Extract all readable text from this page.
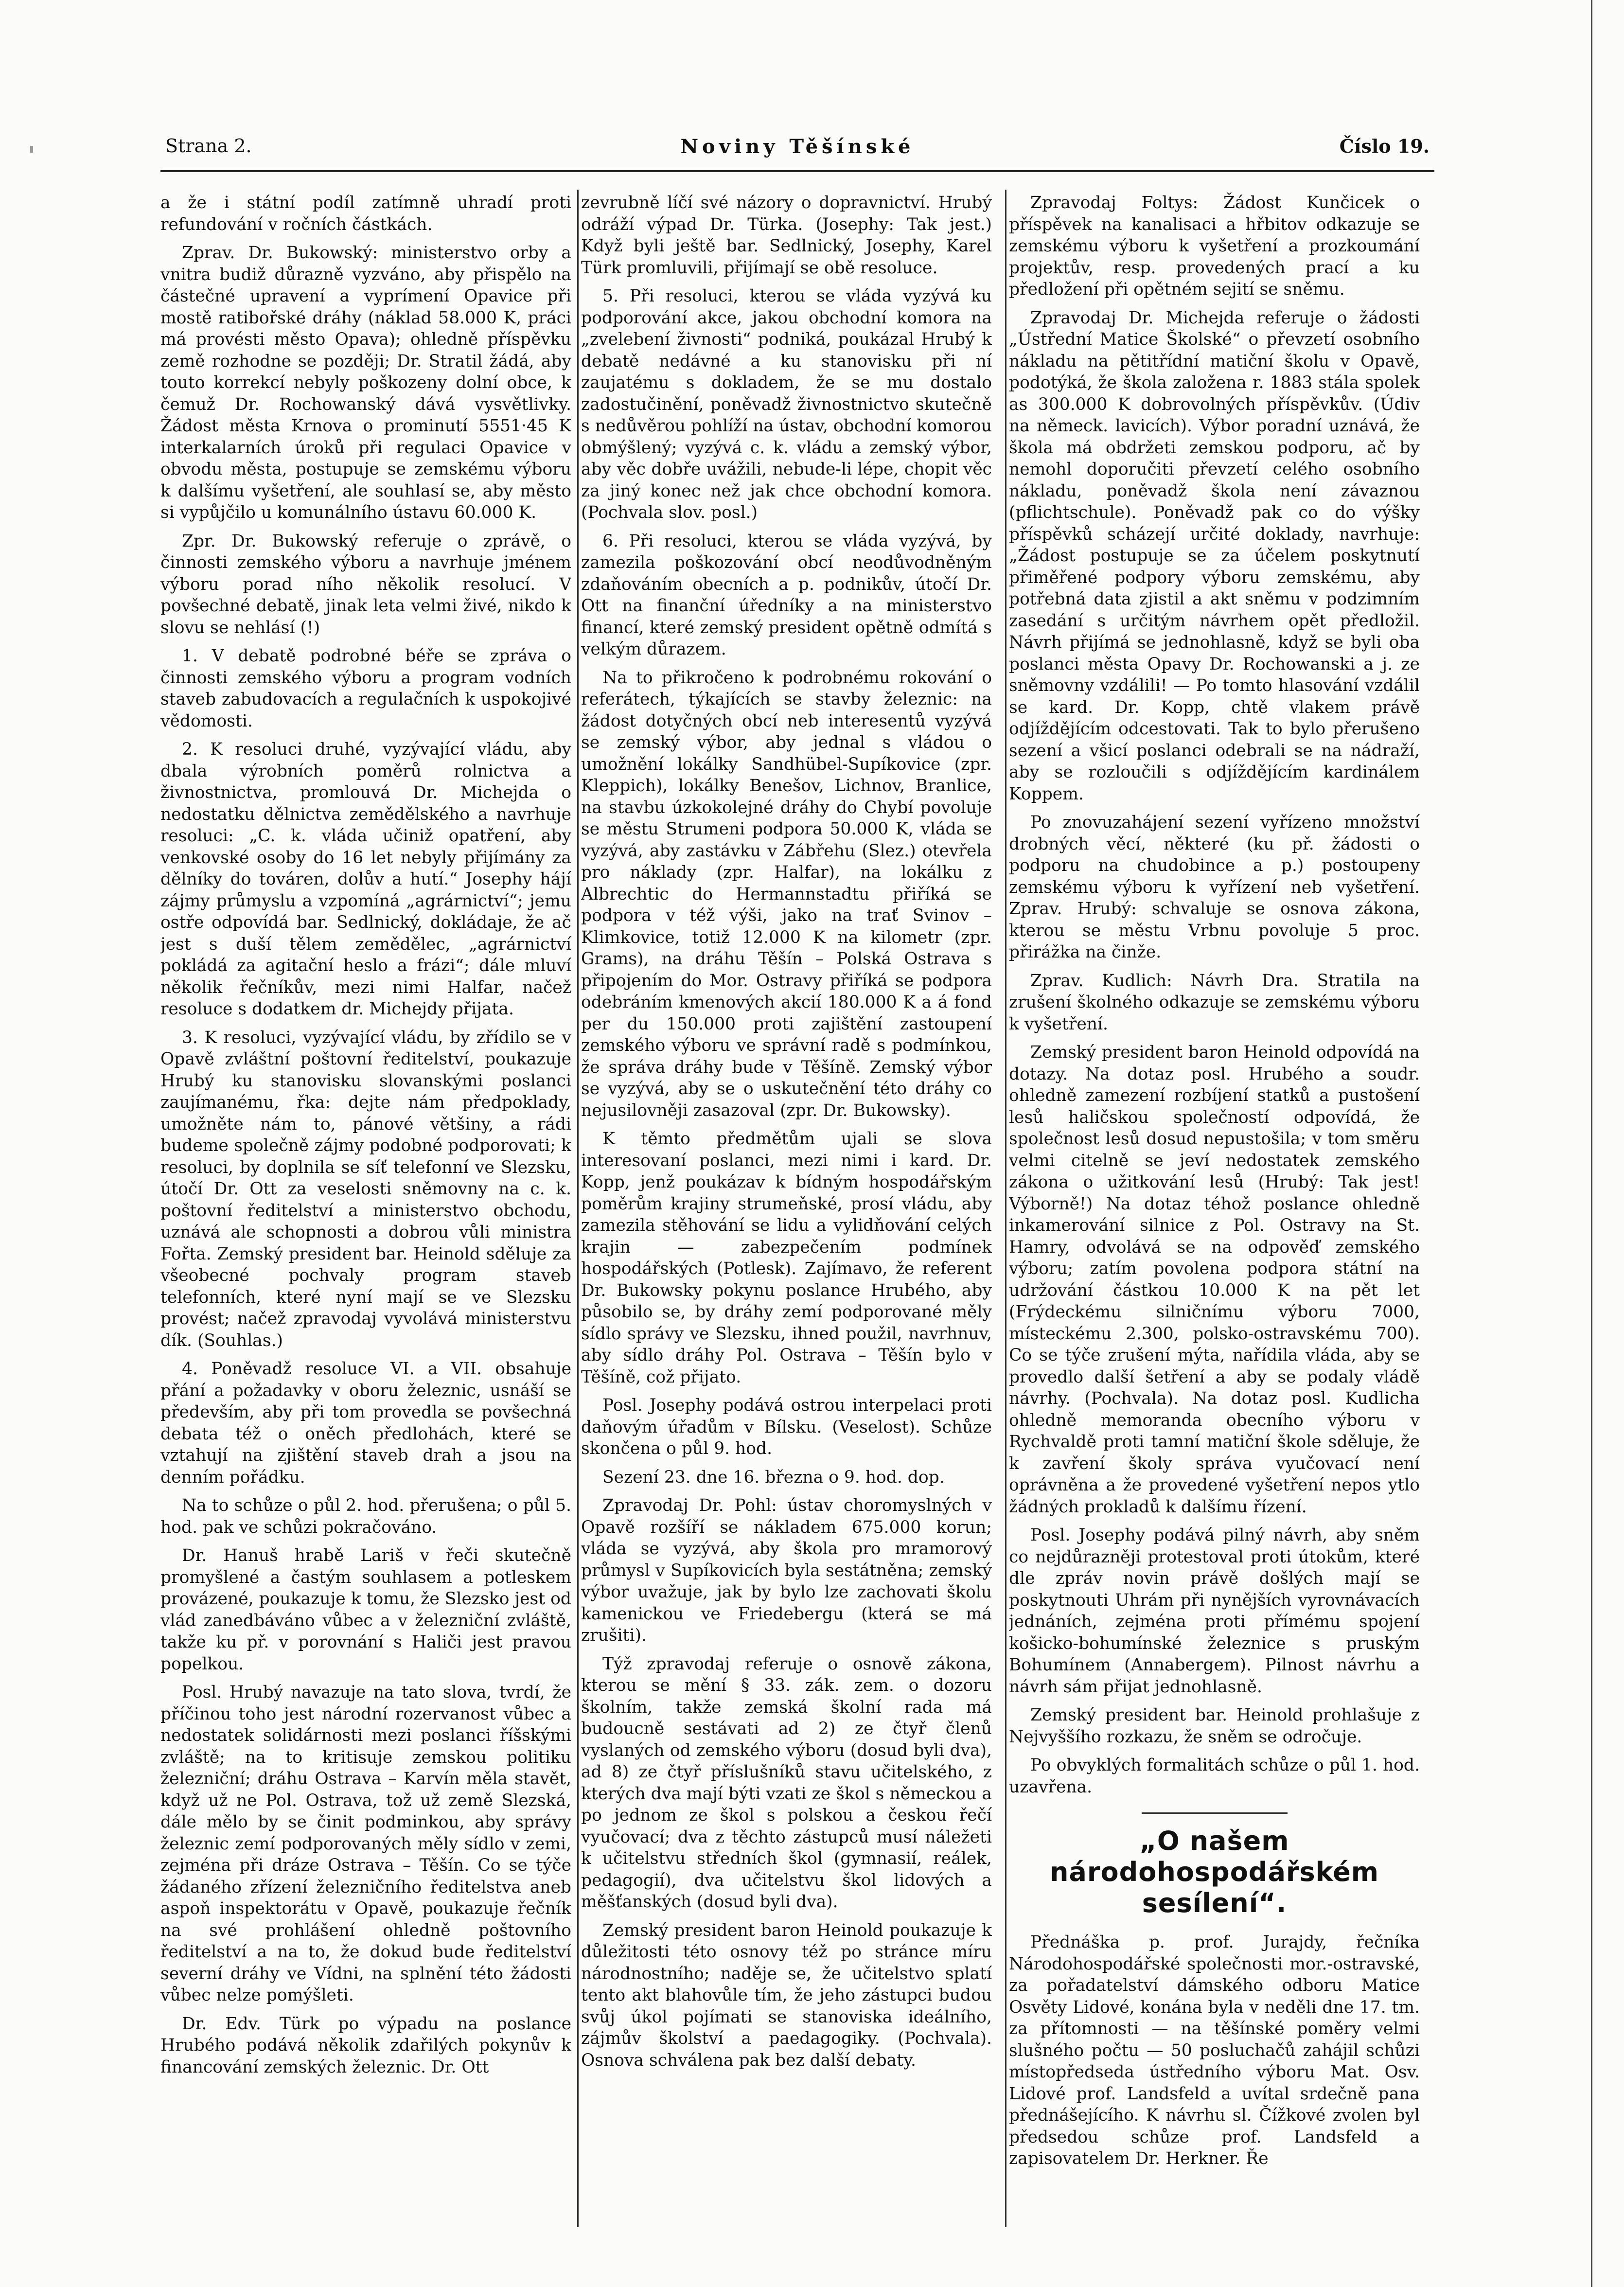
Strana 2.	Noviny Těšínské	Číslo 19.

a že i státní podíl zatímně uhradí proti refundování v ročních částkách.

Zprav. Dr. Bukowský: ministerstvo orby a vnitra budiž důrazně vyzváno, aby přispělo na částečné upravení a vyprímení Opavice při mostě ratibořské dráhy (náklad 58.000 K, práci má provésti město Opava); ohledně příspěvku země rozhodne se později; Dr. Stratil žádá, aby touto korrekcí nebyly poškozeny dolní obce, k čemuž Dr. Rochowanský dává vysvětlivky. Žádost města Krnova o prominutí 5551·45 K interkalarních úroků při regulaci Opavice v obvodu města, postupuje se zemskému výboru k dalšímu vyšetření, ale souhlasí se, aby město si vypůjčilo u komunálního ústavu 60.000 K.

Zpr. Dr. Bukowský referuje o zprávě, o činnosti zemského výboru a navrhuje jménem výboru porad ního několik resolucí. V povšechné debatě, jinak leta velmi živé, nikdo k slovu se nehlásí (!)

1. V debatě podrobné béře se zpráva o činnosti zemského výboru a program vodních staveb zabudovacích a regulačních k uspokojivé vědomosti.

2. K resoluci druhé, vyzývající vládu, aby dbala výrobních poměrů rolnictva a živnostnictva, promlouvá Dr. Michejda o nedostatku dělnictva zemědělského a navrhuje resoluci: „C. k. vláda učiniž opatření, aby venkovské osoby do 16 let nebyly přijímány za dělníky do továren, dolův a hutí.“ Josephy hájí zájmy průmyslu a vzpomíná „agrárnictví“; jemu ostře odpovídá bar. Sedlnický, dokládaje, že ač jest s duší tělem zemědělec, „agrárnictví pokládá za agitační heslo a frázi“; dále mluví několik řečníkův, mezi nimi Halfar, načež resoluce s dodatkem dr. Michejdy přijata.

3. K resoluci, vyzývající vládu, by zřídilo se v Opavě zvláštní poštovní ředitelství, poukazuje Hrubý ku stanovisku slovanskými poslanci zaujímanému, řka: dejte nám předpoklady, umožněte nám to, pánové většiny, a rádi budeme společně zájmy podobné podporovati; k resoluci, by doplnila se síť telefonní ve Slezsku, útočí Dr. Ott za veselosti sněmovny na c. k. poštovní ředitelství a ministerstvo obchodu, uznává ale schopnosti a dobrou vůli ministra Fořta. Zemský president bar. Heinold sděluje za všeobecné pochvaly program staveb telefonních, které nyní mají se ve Slezsku provést; načež zpravodaj vyvolává ministerstvu dík. (Souhlas.)

4. Poněvadž resoluce VI. a VII. obsahuje přání a požadavky v oboru železnic, usnáší se především, aby při tom provedla se povšechná debata též o oněch předlohách, které se vztahují na zjištění staveb drah a jsou na denním pořádku.

Na to schůze o půl 2. hod. přerušena; o půl 5. hod. pak ve schůzi pokračováno.

Dr. Hanuš hrabě Lariš v řeči skutečně promyšlené a častým souhlasem a potleskem provázené, poukazuje k tomu, že Slezsko jest od vlád zanedbáváno vůbec a v železniční zvláště, takže ku př. v porovnání s Haliči jest pravou popelkou.

Posl. Hrubý navazuje na tato slova, tvrdí, že příčinou toho jest národní rozervanost vůbec a nedostatek solidárnosti mezi poslanci říšskými zvláště; na to kritisuje zemskou politiku železniční; dráhu Ostrava – Karvín měla stavět, když už ne Pol. Ostrava, tož už země Slezská, dále mělo by se činit podminkou, aby správy železnic zemí podporovaných měly sídlo v zemi, zejména při dráze Ostrava – Těšín. Co se týče žádaného zřízení železničního ředitelstva aneb aspoň inspektorátu v Opavě, poukazuje řečník na své prohlášení ohledně poštovního ředitelství a na to, že dokud bude ředitelství severní dráhy ve Vídni, na splnění této žádosti vůbec nelze pomýšleti.

Dr. Edv. Türk po výpadu na poslance Hrubého podává několik zdařilých pokynův k financování zemských železnic. Dr. Ott

zevrubně líčí své názory o dopravnictví. Hrubý odráží výpad Dr. Türka. (Josephy: Tak jest.) Když byli ještě bar. Sedlnický, Josephy, Karel Türk promluvili, přijímají se obě resoluce.

5. Při resoluci, kterou se vláda vyzývá ku podporování akce, jakou obchodní komora na „zvelebení živnosti“ podniká, poukázal Hrubý k debatě nedávné a ku stanovisku při ní zaujatému s dokladem, že se mu dostalo zadostučinění, poněvadž živnostnictvo skutečně s nedůvěrou pohlíží na ústav, obchodní komorou obmýšlený; vyzývá c. k. vládu a zemský výbor, aby věc dobře uvážili, nebude-li lépe, chopit věc za jiný konec než jak chce obchodní komora. (Pochvala slov. posl.)

6. Při resoluci, kterou se vláda vyzývá, by zamezila poškozování obcí neodůvodněným zdaňováním obecních a p. podnikův, útočí Dr. Ott na finanční úředníky a na ministerstvo financí, které zemský president opětně odmítá s velkým důrazem.

Na to přikročeno k podrobnému rokování o referátech, týkajících se stavby železnic: na žádost dotyčných obcí neb interesentů vyzývá se zemský výbor, aby jednal s vládou o umožnění lokálky Sandhübel-Supíkovice (zpr. Kleppich), lokálky Benešov, Lichnov, Branlice, na stavbu úzkokolejné dráhy do Chybí povoluje se městu Strumeni podpora 50.000 K, vláda se vyzývá, aby zastávku v Zábřehu (Slez.) otevřela pro náklady (zpr. Halfar), na lokálku z Albrechtic do Hermannstadtu přiříká se podpora v též výši, jako na trať Svinov – Klimkovice, totiž 12.000 K na kilometr (zpr. Grams), na dráhu Těšín – Polská Ostrava s připojením do Mor. Ostravy přiříká se podpora odebráním kmenových akcií 180.000 K a á fond per du 150.000 proti zajištění zastoupení zemského výboru ve správní radě s podmínkou, že správa dráhy bude v Těšíně. Zemský výbor se vyzývá, aby se o uskutečnění této dráhy co nejusilovněji zasazoval (zpr. Dr. Bukowsky).

K těmto předmětům ujali se slova interesovaní poslanci, mezi nimi i kard. Dr. Kopp, jenž poukázav k bídným hospodářským poměrům krajiny strumeňské, prosí vládu, aby zamezila stěhování se lidu a vylidňování celých krajin — zabezpečením podmínek hospodářských (Potlesk). Zajímavo, že referent Dr. Bukowsky pokynu poslance Hrubého, aby působilo se, by dráhy zemí podporované měly sídlo správy ve Slezsku, ihned použil, navrhnuv, aby sídlo dráhy Pol. Ostrava – Těšín bylo v Těšíně, což přijato.

Posl. Josephy podává ostrou interpelaci proti daňovým úřadům v Bílsku. (Veselost). Schůze skončena o půl 9. hod.

Sezení 23. dne 16. března o 9. hod. dop.

Zpravodaj Dr. Pohl: ústav choromyslných v Opavě rozšíří se nákladem 675.000 korun; vláda se vyzývá, aby škola pro mramorový průmysl v Supíkovicích byla sestátněna; zemský výbor uvažuje, jak by bylo lze zachovati školu kamenickou ve Friedebergu (která se má zrušiti).

Týž zpravodaj referuje o osnově zákona, kterou se mění § 33. zák. zem. o dozoru školním, takže zemská školní rada má budoucně sestávati ad 2) ze čtyř členů vyslaných od zemského výboru (dosud byli dva), ad 8) ze čtyř příslušníků stavu učitelského, z kterých dva mají býti vzati ze škol s německou a po jednom ze škol s polskou a českou řečí vyučovací; dva z těchto zástupců musí náležeti k učitelstvu středních škol (gymnasií, reálek, pedagogií), dva učitelstvu škol lidových a měšťanských (dosud byli dva).

Zemský president baron Heinold poukazuje k důležitosti této osnovy též po stránce míru národnostního; naděje se, že učitelstvo splatí tento akt blahovůle tím, že jeho zástupci budou svůj úkol pojímati se stanoviska ideálního, zájmův školství a paedagogiky. (Pochvala). Osnova schválena pak bez další debaty.

Zpravodaj Foltys: Žádost Kunčicek o příspěvek na kanalisaci a hřbitov odkazuje se zemskému výboru k vyšetření a prozkoumání projektův, resp. provedených prací a ku předložení při opětném sejití se sněmu.

Zpravodaj Dr. Michejda referuje o žádosti „Ústřední Matice Školské“ o převzetí osobního nákladu na pětitřídní matiční školu v Opavě, podotýká, že škola založena r. 1883 stála spolek as 300.000 K dobrovolných příspěvkův. (Údiv na německ. lavicích). Výbor poradní uznává, že škola má obdržeti zemskou podporu, ač by nemohl doporučiti převzetí celého osobního nákladu, poněvadž škola není závaznou (pflichtschule). Poněvadž pak co do výšky příspěvků scházejí určité doklady, navrhuje: „Žádost postupuje se za účelem poskytnutí přiměřené podpory výboru zemskému, aby potřebná data zjistil a akt sněmu v podzimním zasedání s určitým návrhem opět předložil. Návrh přijímá se jednohlasně, když se byli oba poslanci města Opavy Dr. Rochowanski a j. ze sněmovny vzdálili! — Po tomto hlasování vzdálil se kard. Dr. Kopp, chtě vlakem právě odjíždějícím odcestovati. Tak to bylo přerušeno sezení a všicí poslanci odebrali se na nádraží, aby se rozloučili s odjíždějícím kardinálem Koppem.

Po znovuzahájení sezení vyřízeno množství drobných věcí, některé (ku př. žádosti o podporu na chudobince a p.) postoupeny zemskému výboru k vyřízení neb vyšetření. Zprav. Hrubý: schvaluje se osnova zákona, kterou se městu Vrbnu povoluje 5 proc. přirážka na činže.

Zprav. Kudlich: Návrh Dra. Stratila na zrušení školného odkazuje se zemskému výboru k vyšetření.

Zemský president baron Heinold odpovídá na dotazy. Na dotaz posl. Hrubého a soudr. ohledně zamezení rozbíjení statků a pustošení lesů haličskou společností odpovídá, že společnost lesů dosud nepustošila; v tom směru velmi citelně se jeví nedostatek zemského zákona o užitkování lesů (Hrubý: Tak jest! Výborně!) Na dotaz téhož poslance ohledně inkamerování silnice z Pol. Ostravy na St. Hamry, odvolává se na odpověď zemského výboru; zatím povolena podpora státní na udržování částkou 10.000 K na pět let (Frýdeckému silničnímu výboru 7000, místeckému 2.300, polsko-ostravskému 700). Co se týče zrušení mýta, nařídila vláda, aby se provedlo další šetření a aby se podaly vládě návrhy. (Pochvala). Na dotaz posl. Kudlicha ohledně memoranda obecního výboru v Rychvaldě proti tamní matiční škole sděluje, že k zavření školy správa vyučovací není oprávněna a že provedené vyšetření nepos ytlo žádných prokladů k dalšímu řízení.

Posl. Josephy podává pilný návrh, aby sněm co nejdůrazněji protestoval proti útokům, které dle zpráv novin právě došlých mají se poskytnouti Uhrám při nynějších vyrovnávacích jednáních, zejména proti přímému spojení košicko-bohumínské železnice s pruským Bohumínem (Annabergem). Pilnost návrhu a návrh sám přijat jednohlasně.

Zemský president bar. Heinold prohlašuje z Nejvyššího rozkazu, že sněm se odročuje.

Po obvyklých formalitách schůze o půl 1. hod. uzavřena.

„O našem národohospodářském sesílení“.

Přednáška p. prof. Jurajdy, řečníka Národohospodářské společnosti mor.-ostravské, za pořadatelství dámského odboru Matice Osvěty Lidové, konána byla v neděli dne 17. tm. za přítomnosti — na těšínské poměry velmi slušného počtu — 50 posluchačů zahájil schůzi místopředseda ústředního výboru Mat. Osv. Lidové prof. Landsfeld a uvítal srdečně pana přednášejícího. K návrhu sl. Čížkové zvolen byl předsedou schůze prof. Landsfeld a zapisovatelem Dr. Herkner. Ře
